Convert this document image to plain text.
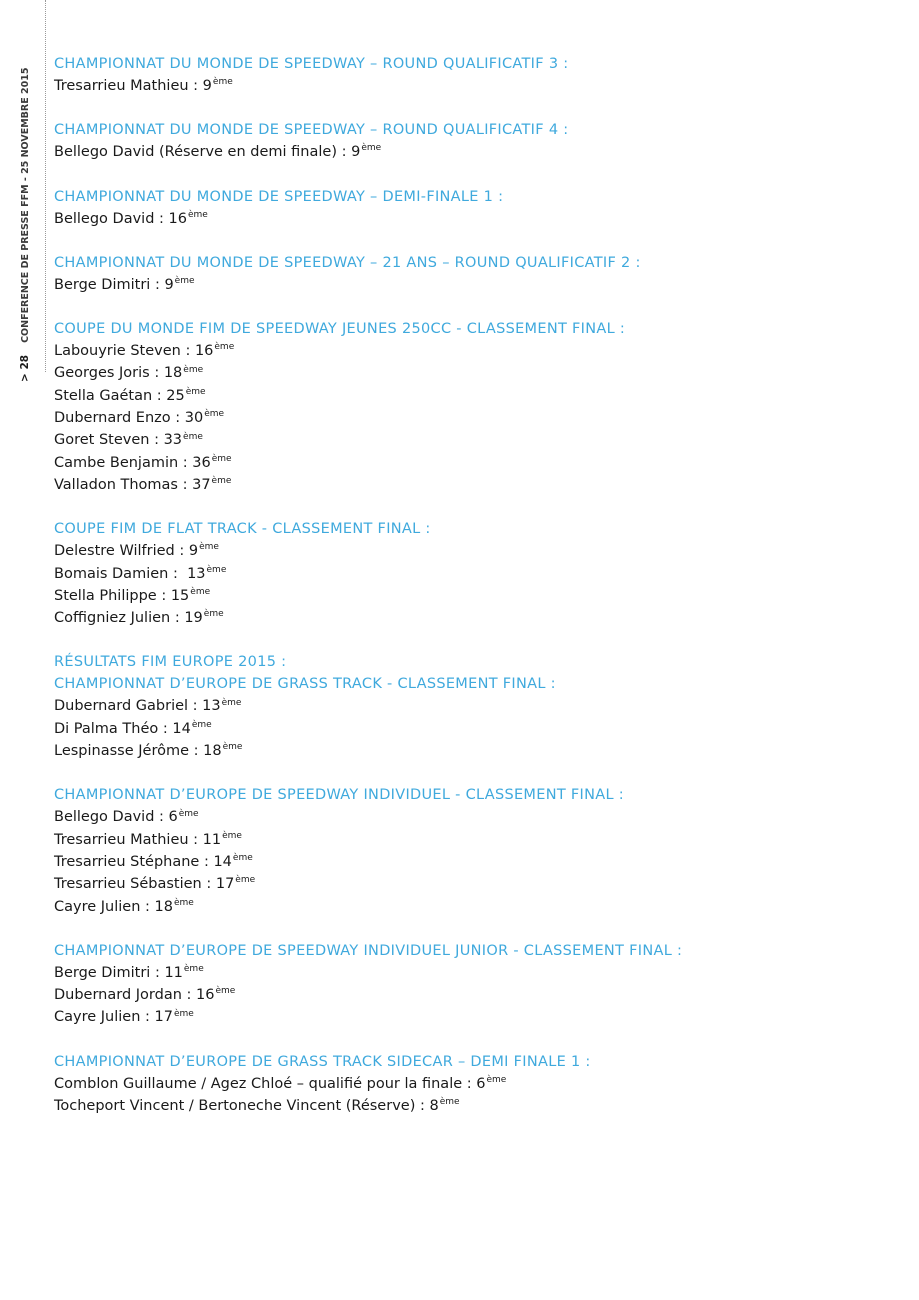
> 28
CONFERENCE DE PRESSE FFM - 25 NOVEMBRE 2015
CHAMPIONNAT DU MONDE DE SPEEDWAY – ROUND QUALIFICATIF 3 :
Tresarrieu Mathieu : 9ème
CHAMPIONNAT DU MONDE DE SPEEDWAY – ROUND QUALIFICATIF 4 :
Bellego David (Réserve en demi finale) : 9ème
CHAMPIONNAT DU MONDE DE SPEEDWAY – DEMI-FINALE 1 :
Bellego David : 16ème
CHAMPIONNAT DU MONDE DE SPEEDWAY – 21 ANS – ROUND QUALIFICATIF 2 :
Berge Dimitri : 9ème
COUPE DU MONDE FIM DE SPEEDWAY JEUNES 250CC - CLASSEMENT FINAL :
Labouyrie Steven : 16ème
Georges Joris : 18ème
Stella Gaétan : 25ème
Dubernard Enzo : 30ème
Goret Steven : 33ème
Cambe Benjamin : 36ème
Valladon Thomas : 37ème
COUPE FIM DE FLAT TRACK - CLASSEMENT FINAL :
Delestre Wilfried : 9ème
Bomais Damien :  13ème
Stella Philippe : 15ème
Coffigniez Julien : 19ème
RÉSULTATS FIM EUROPE 2015 :
CHAMPIONNAT D’EUROPE DE GRASS TRACK - CLASSEMENT FINAL :
Dubernard Gabriel : 13ème
Di Palma Théo : 14ème
Lespinasse Jérôme : 18ème
CHAMPIONNAT D’EUROPE DE SPEEDWAY INDIVIDUEL - CLASSEMENT FINAL :
Bellego David : 6ème
Tresarrieu Mathieu : 11ème
Tresarrieu Stéphane : 14ème
Tresarrieu Sébastien : 17ème
Cayre Julien : 18ème
CHAMPIONNAT D’EUROPE DE SPEEDWAY INDIVIDUEL JUNIOR - CLASSEMENT FINAL :
Berge Dimitri : 11ème
Dubernard Jordan : 16ème
Cayre Julien : 17ème
CHAMPIONNAT D’EUROPE DE GRASS TRACK SIDECAR – DEMI FINALE 1 :
Comblon Guillaume / Agez Chloé – qualifié pour la finale : 6ème
Tocheport Vincent / Bertoneche Vincent (Réserve) : 8ème
